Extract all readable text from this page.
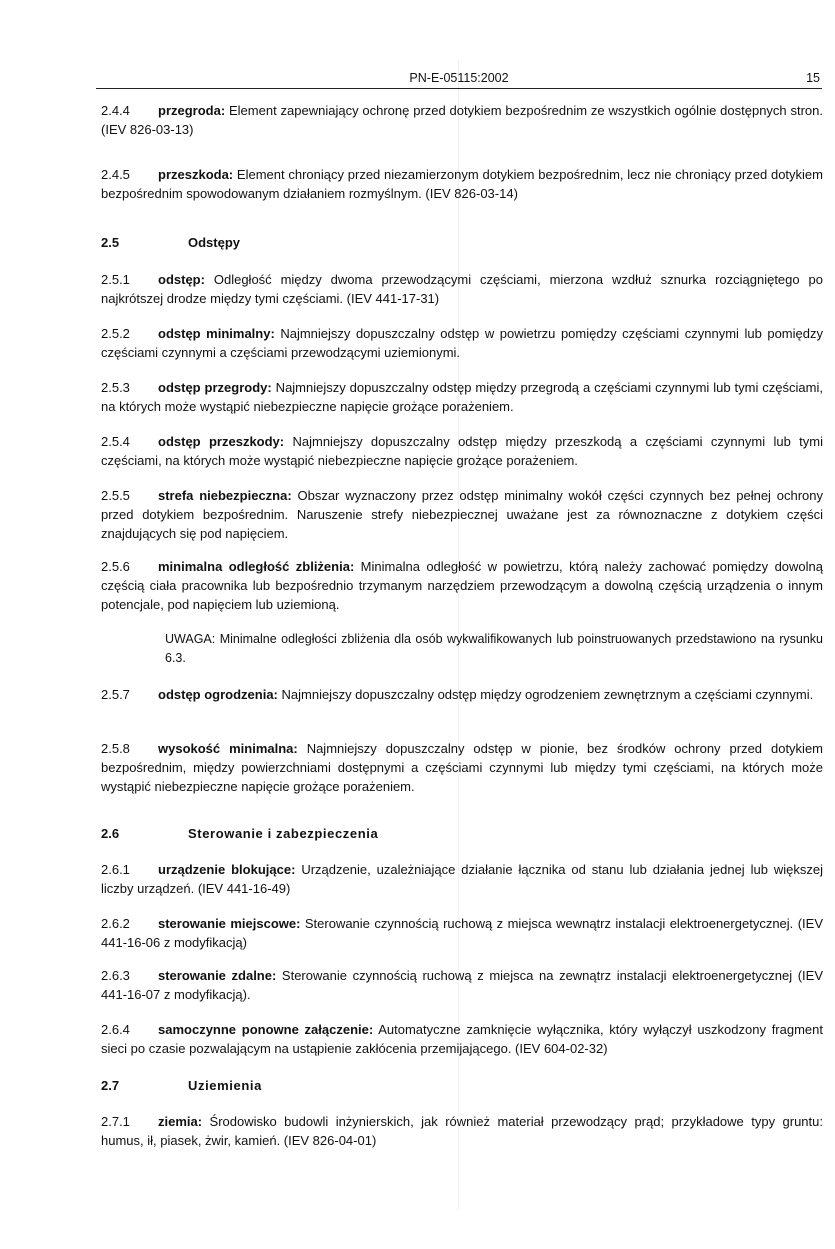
PN-E-05115:2002	15
2.4.4 przegroda: Element zapewniający ochronę przed dotykiem bezpośrednim ze wszystkich ogólnie dostępnych stron. (IEV 826-03-13)
2.4.5 przeszkoda: Element chroniący przed niezamierzonym dotykiem bezpośrednim, lecz nie chroniący przed dotykiem bezpośrednim spowodowanym działaniem rozmyślnym. (IEV 826-03-14)
2.5	Odstępy
2.5.1 odstęp: Odległość między dwoma przewodzącymi częściami, mierzona wzdłuż sznurka rozciągniętego po najkrótszej drodze między tymi częściami. (IEV 441-17-31)
2.5.2 odstęp minimalny: Najmniejszy dopuszczalny odstęp w powietrzu pomiędzy częściami czynnymi lub pomiędzy częściami czynnymi a częściami przewodzącymi uziemionymi.
2.5.3 odstęp przegrody: Najmniejszy dopuszczalny odstęp między przegrodą a częściami czynnymi lub tymi częściami, na których może wystąpić niebezpieczne napięcie grożące porażeniem.
2.5.4 odstęp przeszkody: Najmniejszy dopuszczalny odstęp między przeszkodą a częściami czynnymi lub tymi częściami, na których może wystąpić niebezpieczne napięcie grożące porażeniem.
2.5.5 strefa niebezpieczna: Obszar wyznaczony przez odstęp minimalny wokół części czynnych bez pełnej ochrony przed dotykiem bezpośrednim. Naruszenie strefy niebezpiecznej uważane jest za równoznaczne z dotykiem części znajdujących się pod napięciem.
2.5.6 minimalna odległość zbliżenia: Minimalna odległość w powietrzu, którą należy zachować pomiędzy dowolną częścią ciała pracownika lub bezpośrednio trzymanym narzędziem przewodzącym a dowolną częścią urządzenia o innym potencjale, pod napięciem lub uziemioną.
UWAGA: Minimalne odległości zbliżenia dla osób wykwalifikowanych lub poinstruowanych przedstawiono na rysunku 6.3.
2.5.7 odstęp ogrodzenia: Najmniejszy dopuszczalny odstęp między ogrodzeniem zewnętrznym a częściami czynnymi.
2.5.8 wysokość minimalna: Najmniejszy dopuszczalny odstęp w pionie, bez środków ochrony przed dotykiem bezpośrednim, między powierzchniami dostępnymi a częściami czynnymi lub między tymi częściami, na których może wystąpić niebezpieczne napięcie grożące porażeniem.
2.6	Sterowanie i zabezpieczenia
2.6.1 urządzenie blokujące: Urządzenie, uzależniające działanie łącznika od stanu lub działania jednej lub większej liczby urządzeń. (IEV 441-16-49)
2.6.2 sterowanie miejscowe: Sterowanie czynnością ruchową z miejsca wewnątrz instalacji elektroenergetycznej. (IEV 441-16-06 z modyfikacją)
2.6.3 sterowanie zdalne: Sterowanie czynnością ruchową z miejsca na zewnątrz instalacji elektroenergetycznej (IEV 441-16-07 z modyfikacją).
2.6.4 samoczynne ponowne załączenie: Automatyczne zamknięcie wyłącznika, który wyłączył uszkodzony fragment sieci po czasie pozwalającym na ustąpienie zakłócenia przemijającego. (IEV 604-02-32)
2.7	Uziemienia
2.7.1 ziemia: Środowisko budowli inżynierskich, jak również materiał przewodzący prąd; przykładowe typy gruntu: humus, ił, piasek, żwir, kamień. (IEV 826-04-01)
